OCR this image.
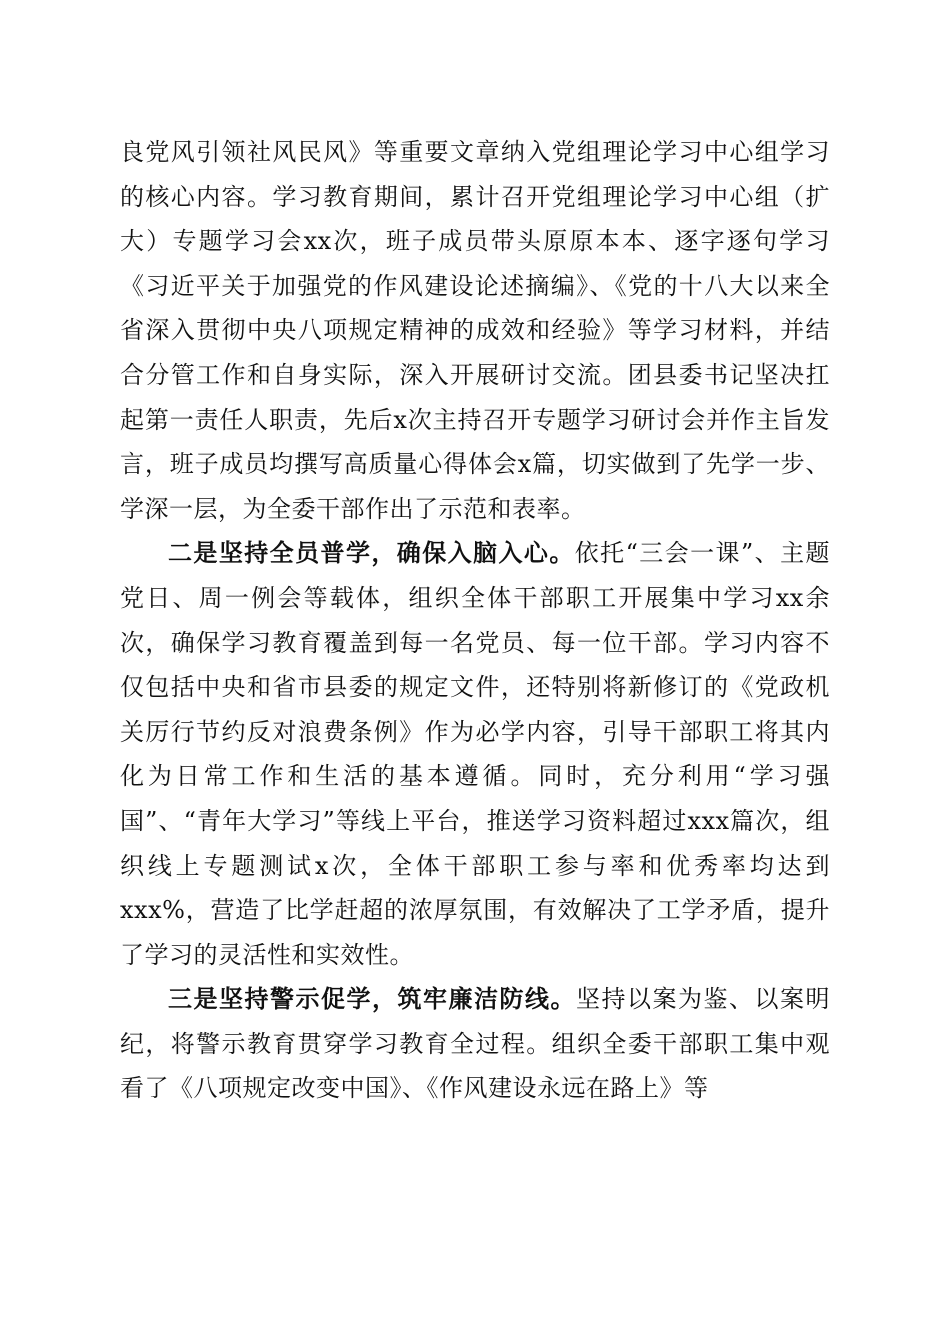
良党风引领社风民风》等重要文章纳入党组理论学习中心组学习的核心内容。学习教育期间，累计召开党组理论学习中心组（扩大）专题学习会xx次，班子成员带头原原本本、逐字逐句学习《习近平关于加强党的作风建设论述摘编》、《党的十八大以来全省深入贯彻中央八项规定精神的成效和经验》等学习材料，并结合分管工作和自身实际，深入开展研讨交流。团县委书记坚决扛起第一责任人职责，先后x次主持召开专题学习研讨会并作主旨发言，班子成员均撰写高质量心得体会x篇，切实做到了先学一步、学深一层，为全委干部作出了示范和表率。

二是坚持全员普学，确保入脑入心。依托“三会一课”、主题党日、周一例会等载体，组织全体干部职工开展集中学习xx余次，确保学习教育覆盖到每一名党员、每一位干部。学习内容不仅包括中央和省市县委的规定文件，还特别将新修订的《党政机关厉行节约反对浪费条例》作为必学内容，引导干部职工将其内化为日常工作和生活的基本遵循。同时，充分利用“学习强国”、“青年大学习”等线上平台，推送学习资料超过xxx篇次，组织线上专题测试x次，全体干部职工参与率和优秀率均达到xxx%，营造了比学赶超的浓厚氛围，有效解决了工学矛盾，提升了学习的灵活性和实效性。

三是坚持警示促学，筑牢廉洁防线。坚持以案为鉴、以案明纪，将警示教育贯穿学习教育全过程。组织全委干部职工集中观看了《八项规定改变中国》、《作风建设永远在路上》等
